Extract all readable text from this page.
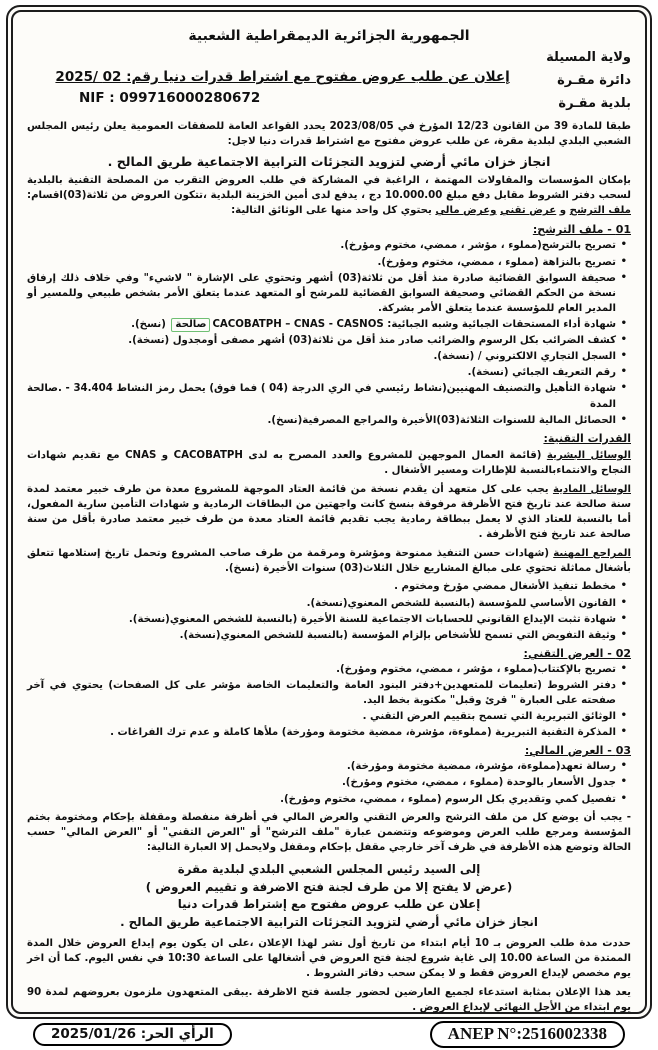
الجمهورية الجزائرية الديمقراطية الشعبية
ولاية المسيلة
دائرة مقـرة
بلدية مقـرة
إعلان عن طلب عروض مفتوح مع اشتراط قدرات دنيا رقم: 02 /2025
NIF : 099716000280672

طبقا للمادة 39 من القانون 12/23 المؤرخ في 2023/08/05 يحدد القواعد العامة للصفقات العمومية يعلن رئيس المجلس الشعبي البلدي لبلدية مقرة، عن طلب عروض مفتوح مع اشتراط قدرات دنيا لاجل:

انجاز خزان مائي أرضي لتزويد التجزئات الترابية الاجتماعية طريق المالح .

بإمكان المؤسسات والمقاولات المهتمة ، الراغبة في المشاركة في طلب العروض التقرب من المصلحة التقنية بالبلدية لسحب دفتر الشروط مقابل دفع مبلغ 10.000.00 دج ، يدفع لدى أمين الخزينة البلدية ،تتكون العروض من ثلاثة(03)اقسام: ملف الترشح و عرض تقني وعرض مالي يحتوي كل واحد منها على الوثائق التالية:

01 - ملف الترشح:
• تصريح بالترشح(مملوء ، مؤشر ، ممضي، مختوم ومؤرخ).
• تصريح بالنزاهة (مملوء ، ممضي، مختوم ومؤرخ).
• صحيفة السوابق القضائية صادرة منذ أقل من ثلاثة(03) أشهر وتحتوي على الإشارة " لاشيء" وفي خلاف ذلك إرفاق نسخة من الحكم القضائي وصحيفة السوابق القضائية للمرشح أو المتعهد عندما يتعلق الأمر بشخص طبيعي وللمسير أو المدير العام للمؤسسة عندما يتعلق الأمر بشركة.
• شهادة أداء المستحقات الجبائية وشبه الجبائية: CACOBATPH – CNAS - CASNOSصالحة (نسخ).
• كشف الضرائب بكل الرسوم والضرائب صادر منذ أقل من ثلاثة(03) أشهر مصفى أومجدول (نسخة).
• السجل التجاري الالكتروني / (نسخة).
• رقم التعريف الجبائي (نسخة).
• شهادة التأهيل والتصنيف المهنيين(نشاط رئيسي في الري الدرجة (04 ) فما فوق) يحمل رمز النشاط 34.404 - .صالحة المدة
• الحصائل المالية للسنوات الثلاثة(03)الأخيرة والمراجع المصرفية(نسخ).
القدرات التقنية:

الوسائل البشرية (قائمة العمال الموجهين للمشروع والعدد المصرح به لدى CACOBATPH و CNAS مع تقديم شهادات النجاح والانتماءبالنسبة للإطارات ومسير الأشغال .

الوسائل المادية يجب على كل متعهد أن يقدم نسخة من قائمة العتاد الموجهة للمشروع معدة من طرف خبير معتمد لمدة سنة صالحة عند تاريخ فتح الأظرفة مرفوقة بنسخ كانت واجهتين من البطاقات الرمادية و شهادات التأمين سارية المفعول، أما بالنسبة للعتاد الذي لا يعمل ببطاقة رمادية يجب تقديم قائمة العتاد معدة من طرف خبير معتمد صادرة بأقل من سنة صالحة عند تاريخ فتح الأظرفة .

المراجع المهنية (شهادات حسن التنفيذ ممنوحة ومؤشرة ومرقمة من طرف صاحب المشروع وتحمل تاريخ إستلامها تتعلق بأشغال مماثلة تحتوي على مبالغ المشاريع خلال الثلاث(03) سنوات الأخيرة (نسخ).

• مخطط تنفيذ الأشغال ممضي مؤرخ ومختوم .
• القانون الأساسي للمؤسسة (بالنسبة للشخص المعنوي(نسخة).
• شهادة تثبت الإيداع القانوني للحسابات الاجتماعية للسنة الأخيرة (بالنسبة للشخص المعنوي(نسخة).
• وثيقة التفويض التي تسمح للأشخاص بإلزام المؤسسة (بالنسبة للشخص المعنوي(نسخة).
02 - العرض التقني:
• تصريح بالإكتتاب(مملوء ، مؤشر ، ممضي، مختوم ومؤرخ).
• دفتر الشروط (تعليمات للمتعهدين+دفتر البنود العامة والتعليمات الخاصة مؤشر على كل الصفحات) يحتوي في آخر صفحته على العبارة " قرئ وقبل" مكتوبة بخط اليد.
• الوثائق التبريرية التي تسمح بتقييم العرض التقني .
• المذكرة التقنية التبريرية (مملوءة، مؤشرة، ممضية مختومة ومؤرخة) ملأها كاملة و عدم ترك الفراغات .
03 - العرض المالي:
• رسالة تعهد(مملوءة، مؤشرة، ممضية مختومة ومؤرخة).
• جدول الأسعار بالوحدة (مملوء ، ممضي، مختوم ومؤرخ).
• تفصيل كمي وتقديري بكل الرسوم (مملوء ، ممضي، مختوم ومؤرخ).

- يجب أن يوضع كل من ملف الترشح والعرض التقني والعرض المالي في أظرفة منفصلة ومقفلة بإحكام ومختومة بختم المؤسسة ومرجع طلب العرض وموضوعه وتتضمن عبارة "ملف الترشح" أو "العرض التقني" أو "العرض المالي" حسب الحالة وتوضع هذه الأظرفة في ظرف آخر خارجي مقفل بإحكام ومقفل ولايحمل إلا العبارة التالية:

إلى السيد رئيس المجلس الشعبي البلدي لبلدية مقرة
(عرض لا يفتح إلا من طرف لجنة فتح الاضرفة و تقييم العروض )
إعلان عن طلب عروض مفتوح مع إشتراط قدرات دنيا
انجاز خزان مائي أرضي لتزويد التجزئات الترابية الاجتماعية طريق المالح .

حددت مدة طلب العروض بـ 10 أيام ابتداء من تاريخ أول نشر لهذا الإعلان ،على ان يكون يوم إيداع العروض خلال المدة الممتدة من الساعة 10.00 إلى غاية شروع لجنة فتح العروض في أشغالها على الساعة 10:30 في نفس اليوم. كما أن اخر يوم مخصص لإيداع العروض فقط و لا يمكن سحب دفاتر الشروط .

يعد هذا الإعلان بمثابة استدعاء لجميع العارضين لحضور جلسة فتح الاظرفة .يبقى المتعهدون ملزمون بعروضهم لمدة 90 يوم ابتداء من الأجل النهائي لإيداع العروض .

ANEP N°:2516002338
الرأي الحر: 2025/01/26
